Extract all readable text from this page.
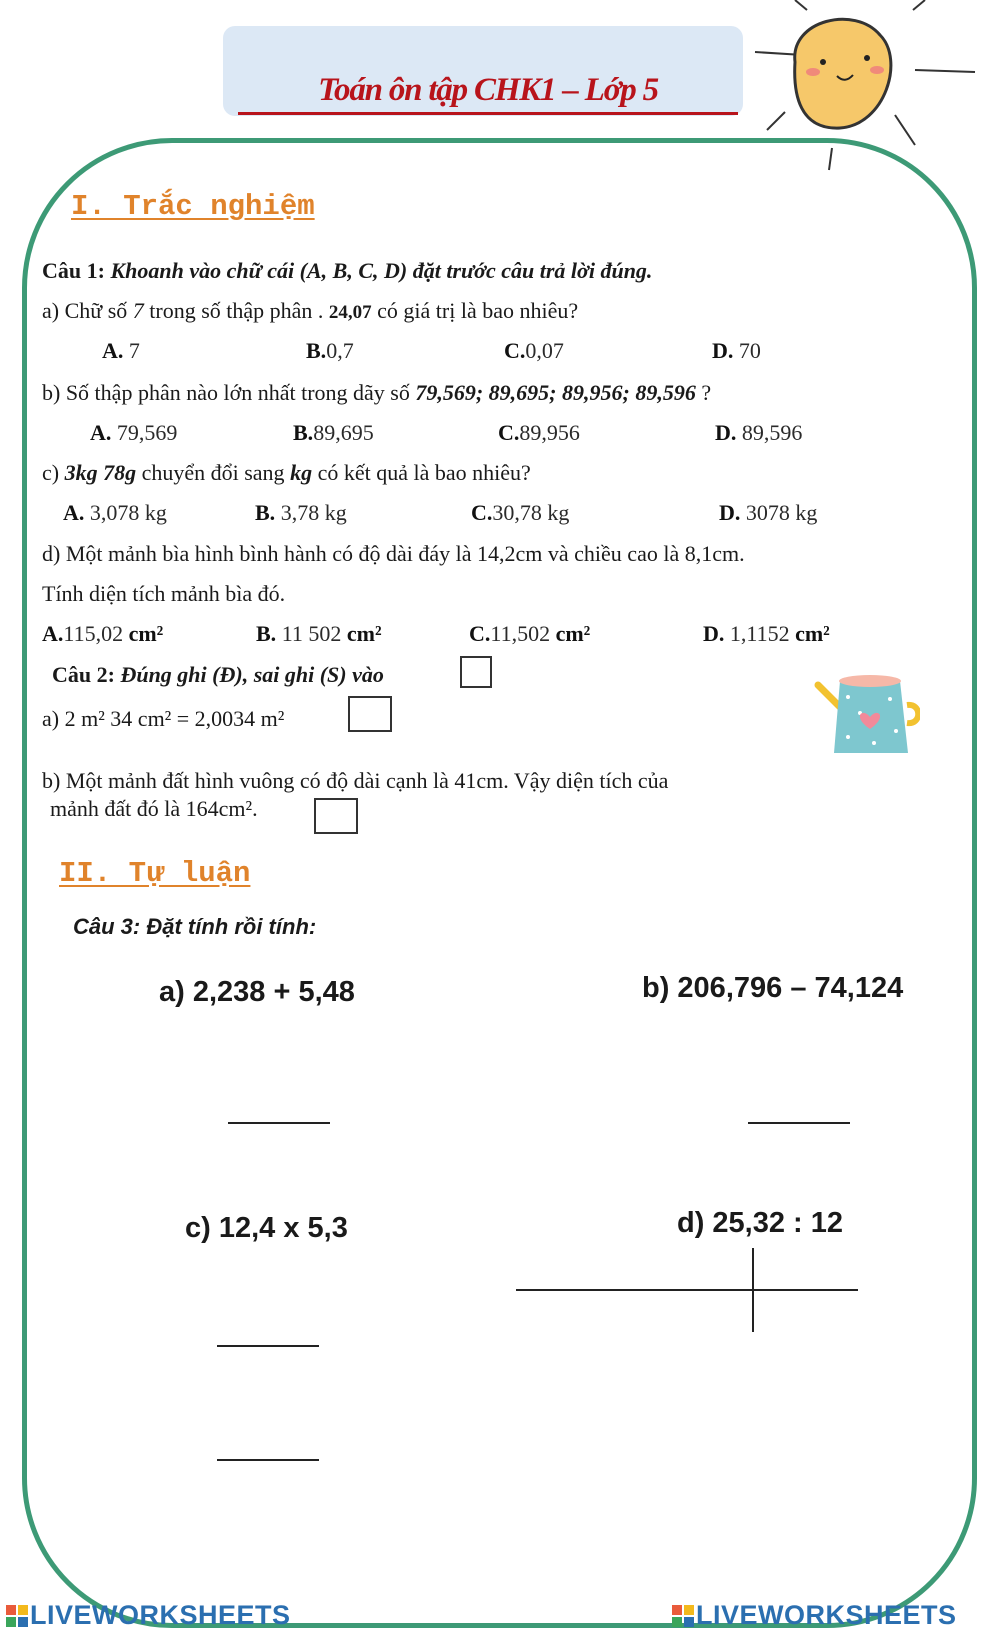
Toán ôn tập CHK1 – Lớp 5
I. Trắc nghiệm
Câu 1: Khoanh vào chữ cái (A, B, C, D) đặt trước câu trả lời đúng.
a) Chữ số 7 trong số thập phân . 24,07 có giá trị là bao nhiêu?
A. 7	B.0,7	C.0,07	D. 70
b) Số thập phân nào lớn nhất trong dãy số 79,569; 89,695; 89,956; 89,596 ?
A. 79,569	B.89,695	C.89,956	D. 89,596
c) 3kg 78g chuyển đổi sang kg có kết quả là bao nhiêu?
A. 3,078 kg	B. 3,78 kg	C.30,78 kg	D. 3078 kg
d) Một mảnh bìa hình bình hành có độ dài đáy là 14,2cm và chiều cao là 8,1cm.
Tính diện tích mảnh bìa đó.
A.115,02 cm²	B. 11 502 cm²	C.11,502 cm²	D. 1,1152 cm²
Câu 2: Đúng ghi (Đ), sai ghi (S) vào
a) 2 m² 34 cm² = 2,0034 m²
b) Một mảnh đất hình vuông có độ dài cạnh là 41cm. Vậy diện tích của
mảnh đất đó là 164cm².
II. Tự luận
Câu 3: Đặt tính rồi tính:
a) 2,238 + 5,48	b) 206,796 – 74,124
c) 12,4 x 5,3	d) 25,32 : 12
LIVEWORKSHEETS	LIVEWORKSHEETS
